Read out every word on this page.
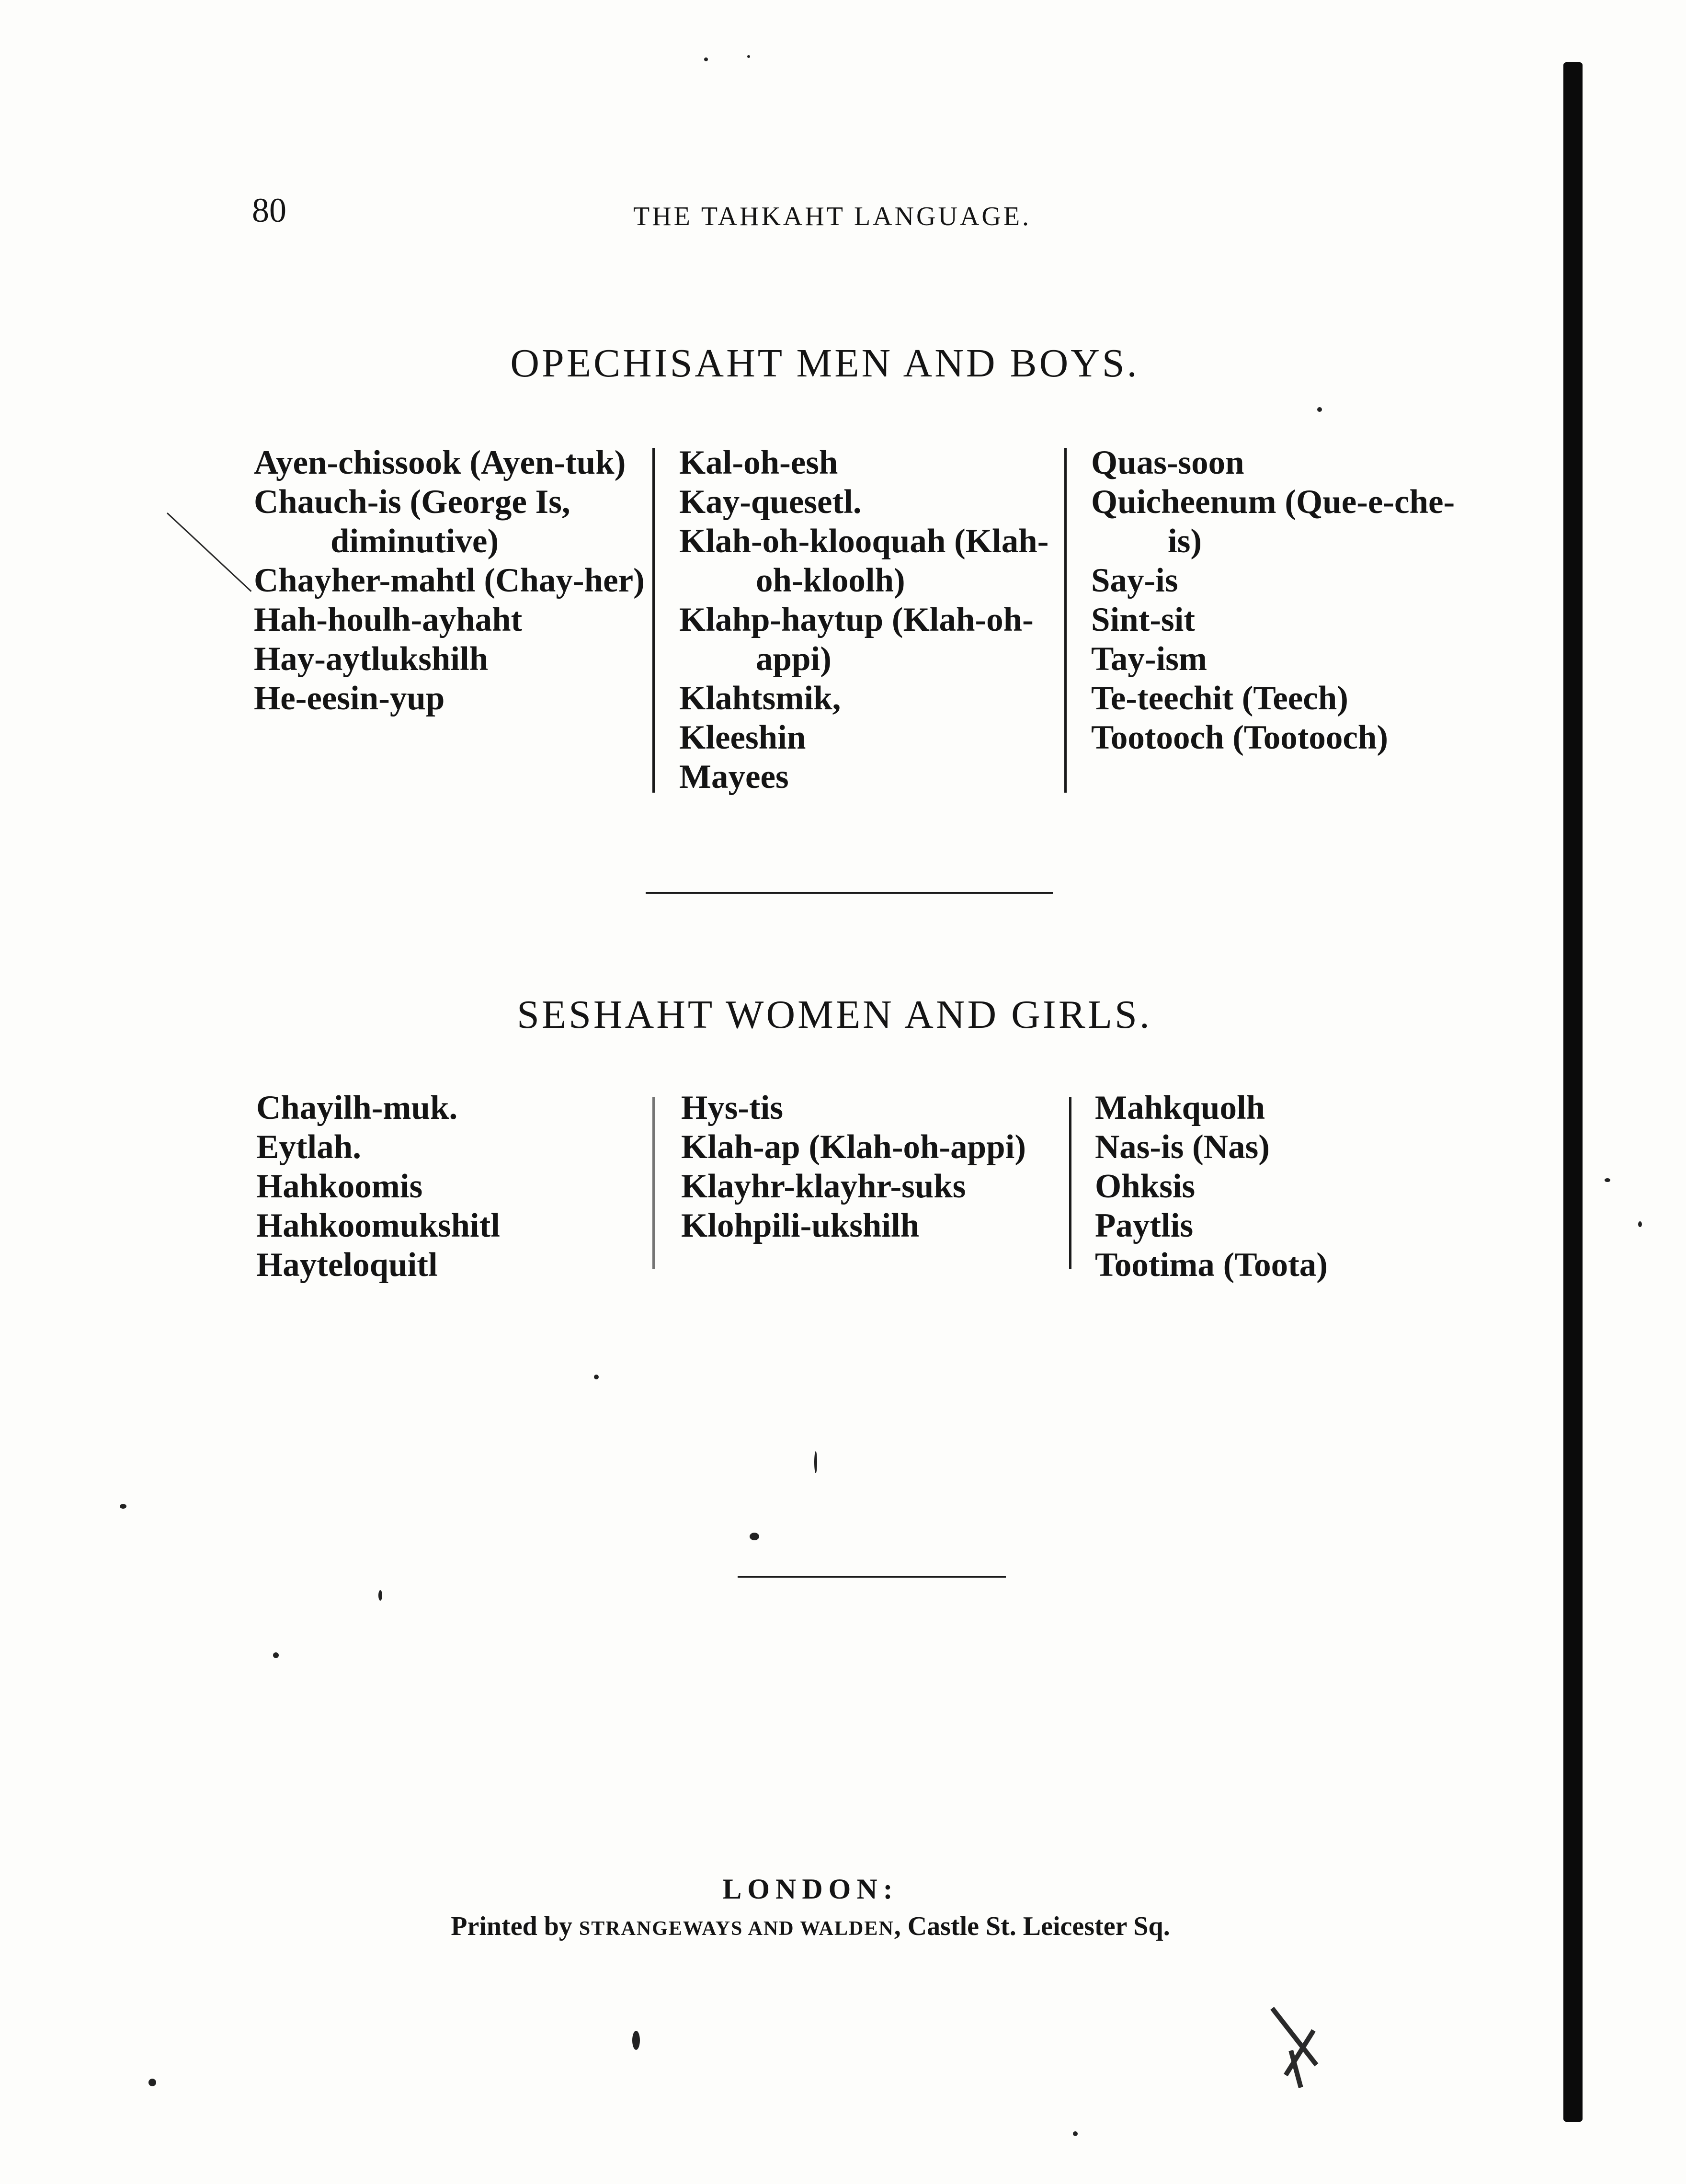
80	THE TAHKAHT LANGUAGE.
OPECHISAHT MEN AND BOYS.
Ayen-chissook (Ayen-tuk)
Chauch-is (George Is, diminutive)
Chayher-mahtl (Chay-her)
Hah-houlh-ayhaht
Hay-aytlukshilh
He-eesin-yup
Kal-oh-esh
Kay-quesetl.
Klah-oh-klooquah (Klah-oh-kloolh)
Klahp-haytup (Klah-oh-appi)
Klahtsmik,
Kleeshin
Mayees
Quas-soon
Quicheenum (Que-e-che-is)
Say-is
Sint-sit
Tay-ism
Te-teechit (Teech)
Tootooch (Tootooch)
SESHAHT WOMEN AND GIRLS.
Chayilh-muk.
Eytlah.
Hahkoomis
Hahkoomukshitl
Hayteloquitl
Hys-tis
Klah-ap (Klah-oh-appi)
Klayhr-klayhr-suks
Klohpili-ukshilh
Mahkquolh
Nas-is (Nas)
Ohksis
Paytlis
Tootima (Toota)
LONDON:
Printed by STRANGEWAYS AND WALDEN, Castle St. Leicester Sq.
